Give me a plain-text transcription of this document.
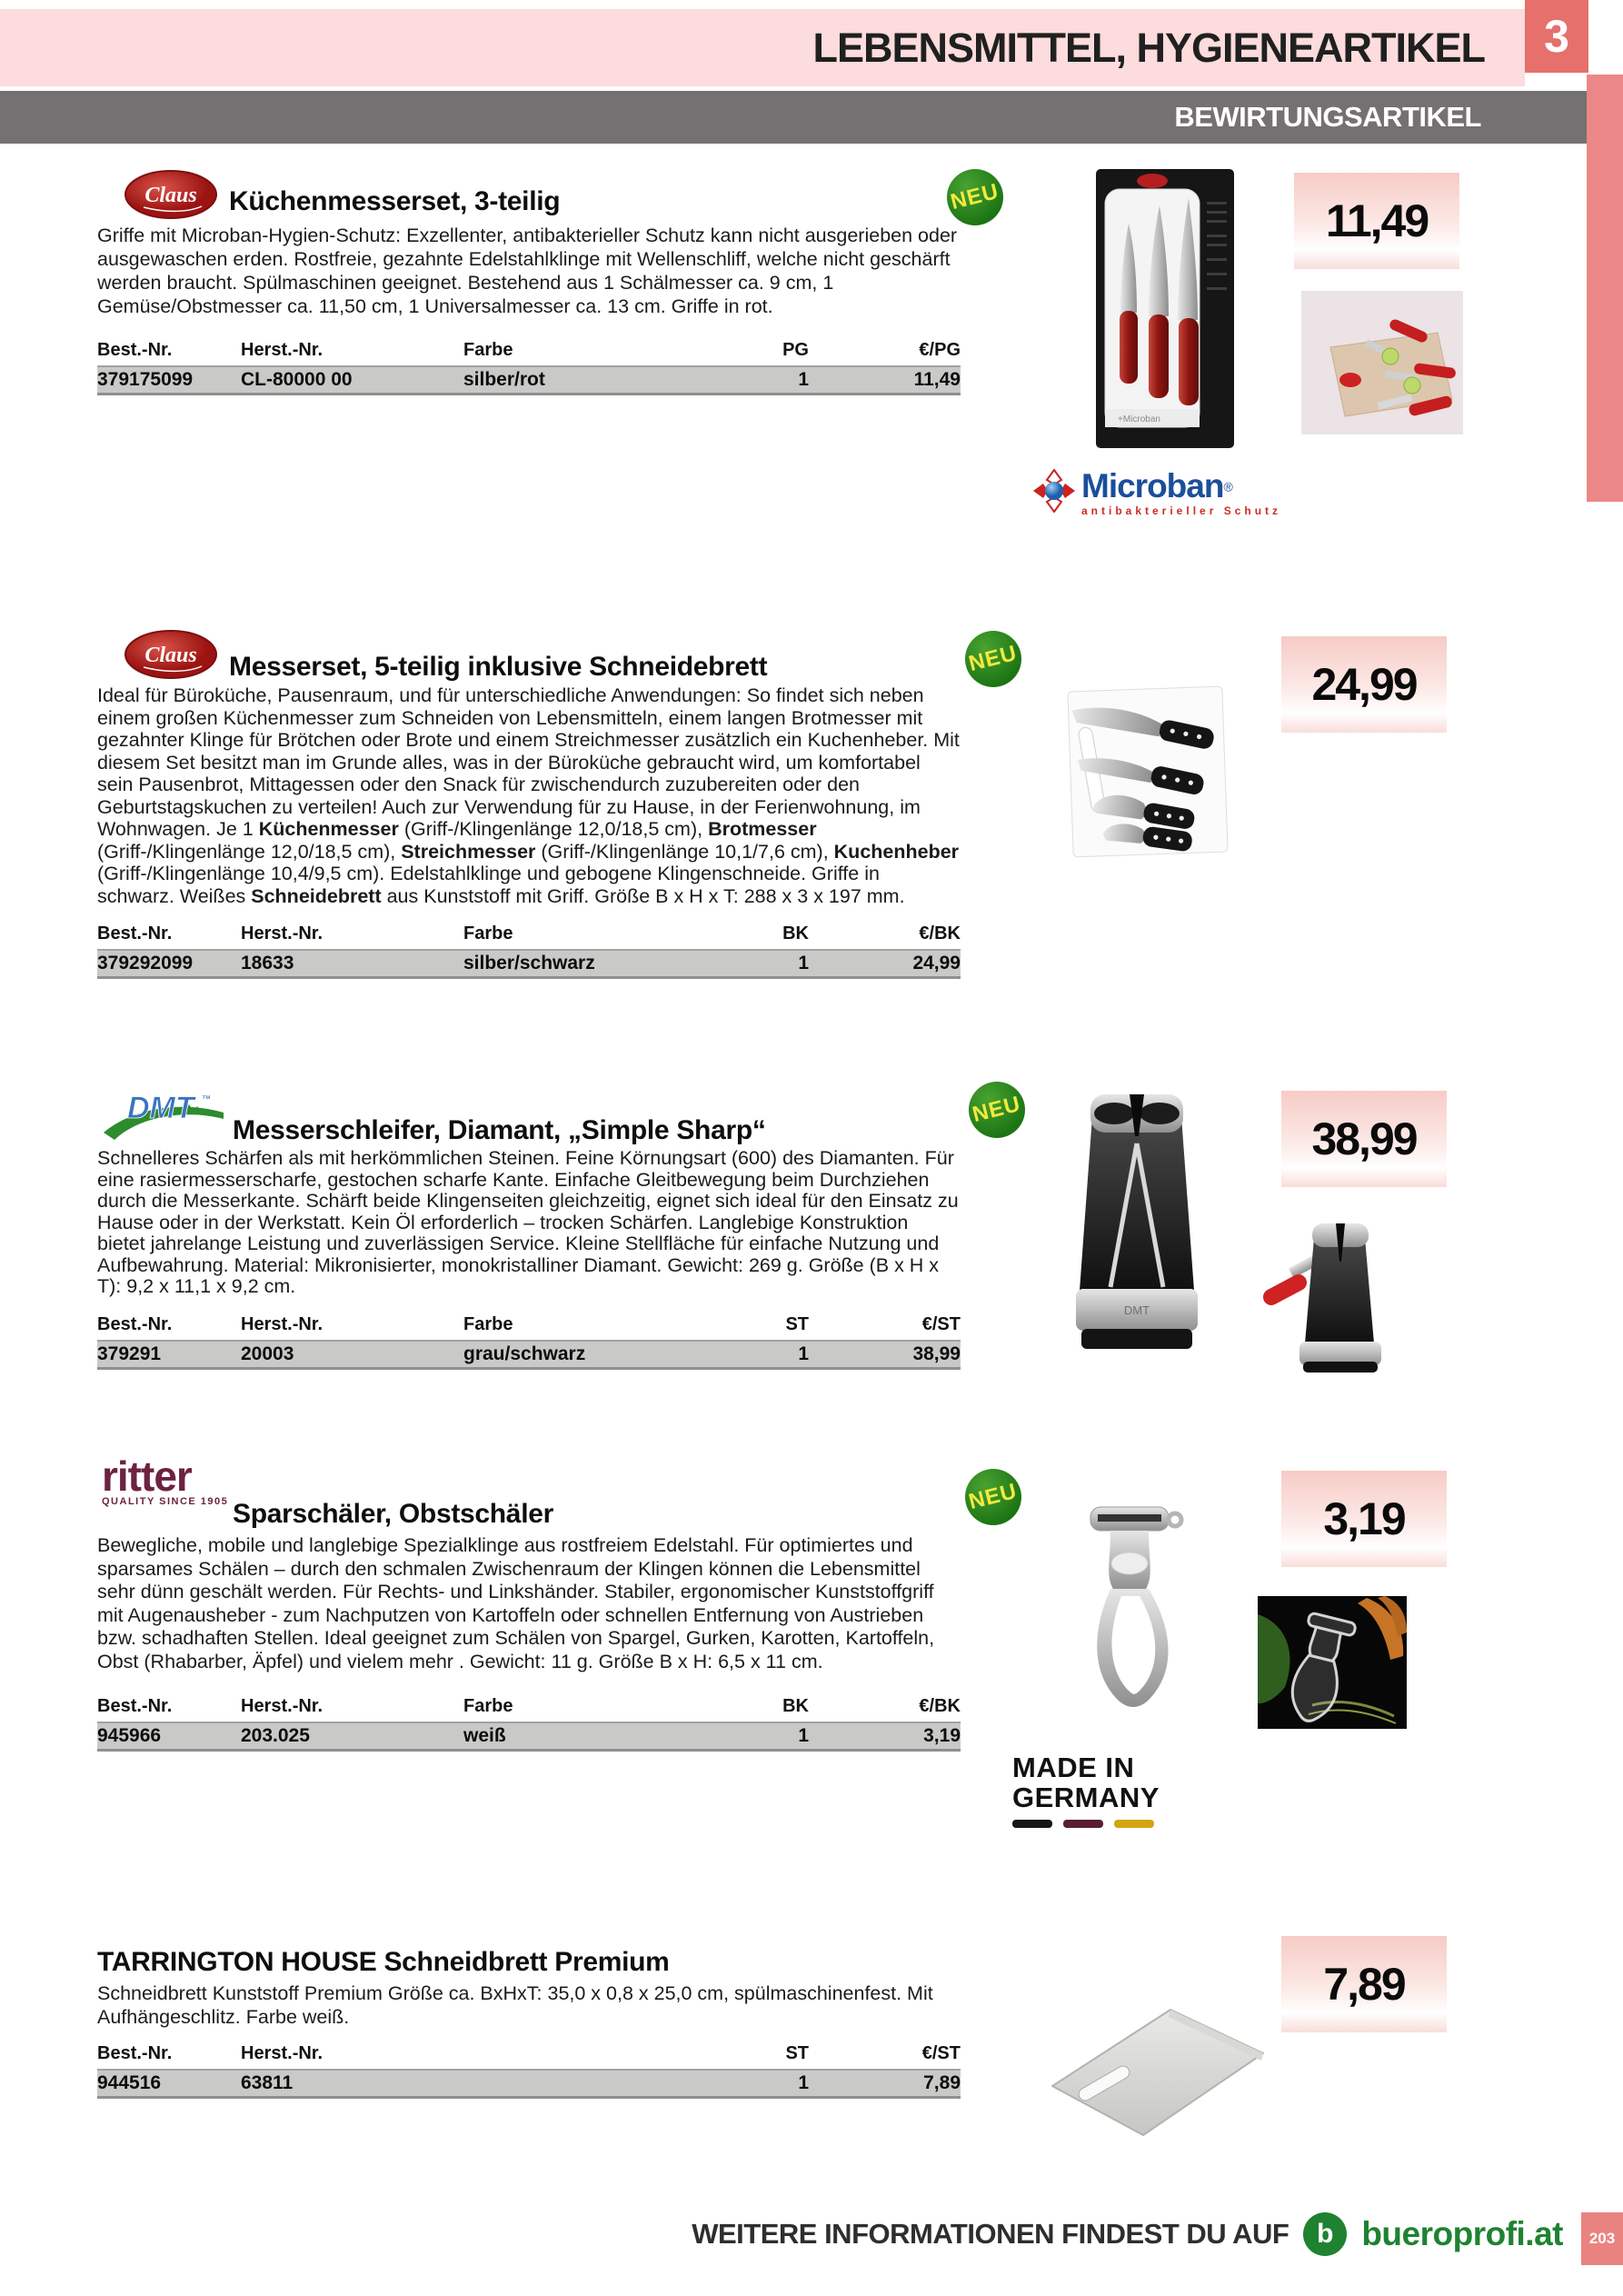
LEBENSMITTEL, HYGIENEARTIKEL 3
BEWIRTUNGSARTIKEL
Claus Küchenmesserset, 3-teilig
Griffe mit Microban-Hygien-Schutz: Exzellenter, antibakterieller Schutz kann nicht ausgerieben oder ausgewaschen erden. Rostfreie, gezahnte Edelstahlklinge mit Wellenschliff, welche nicht geschärft werden braucht. Spülmaschinen geeignet. Bestehend aus 1 Schälmesser ca. 9 cm, 1 Gemüse/Obstmesser ca. 11,50 cm, 1 Universalmesser ca. 13 cm. Griffe in rot.
Best.-Nr.	Herst.-Nr.	Farbe	PG	€/PG
379175099	CL-80000 00	silber/rot	1	11,49
NEU
+Microban
11,49
Microban®
antibakterieller Schutz
Claus Messerset, 5-teilig inklusive Schneidebrett
Ideal für Büroküche, Pausenraum, und für unterschiedliche Anwendungen: So findet sich neben einem großen Küchenmesser zum Schneiden von Lebensmitteln, einem langen Brotmesser mit gezahnter Klinge für Brötchen oder Brote und einem Streichmesser zusätzlich ein Kuchenheber. Mit diesem Set besitzt man im Grunde alles, was in der Büroküche gebraucht wird, um komfortabel sein Pausenbrot, Mittagessen oder den Snack für zwischendurch zuzubereiten oder den Geburtstagskuchen zu verteilen! Auch zur Verwendung für zu Hause, in der Ferienwohnung, im Wohnwagen. Je 1 Küchenmesser (Griff-/Klingenlänge 12,0/18,5 cm), Brotmesser (Griff-/Klingenlänge 12,0/18,5 cm), Streichmesser (Griff-/Klingenlänge 10,1/7,6 cm), Kuchenheber (Griff-/Klingenlänge 10,4/9,5 cm). Edelstahlklinge und gebogene Klingenschneide. Griffe in schwarz. Weißes Schneidebrett aus Kunststoff mit Griff. Größe B x H x T: 288 x 3 x 197 mm.
Best.-Nr.	Herst.-Nr.	Farbe	BK	€/BK
379292099	18633	silber/schwarz	1	24,99
NEU
24,99
DMT ™
Messerschleifer, Diamant, „Simple Sharp“
Schnelleres Schärfen als mit herkömmlichen Steinen. Feine Körnungsart (600) des Diamanten. Für eine rasiermesserscharfe, gestochen scharfe Kante. Einfache Gleitbewegung beim Durchziehen durch die Messerkante. Schärft beide Klingenseiten gleichzeitig, eignet sich ideal für den Einsatz zu Hause oder in der Werkstatt. Kein Öl erforderlich – trocken Schärfen. Langlebige Konstruktion bietet jahrelange Leistung und zuverlässigen Service. Kleine Stellfläche für einfache Nutzung und Aufbewahrung. Material: Mikronisierter, monokristalliner Diamant. Gewicht: 269 g. Größe (B x H x T): 9,2 x 11,1 x 9,2 cm.
Best.-Nr.	Herst.-Nr.	Farbe	ST	€/ST
379291	20003	grau/schwarz	1	38,99
NEU
DMT
38,99
ritter
QUALITY SINCE 1905 Sparschäler, Obstschäler
Bewegliche, mobile und langlebige Spezialklinge aus rostfreiem Edelstahl. Für optimiertes und sparsames Schälen – durch den schmalen Zwischenraum der Klingen können die Lebensmittel sehr dünn geschält werden. Für Rechts- und Linkshänder. Stabiler, ergonomischer Kunststoffgriff mit Augenausheber - zum Nachputzen von Kartoffeln oder schnellen Entfernung von Austrieben bzw. schadhaften Stellen. Ideal geeignet zum Schälen von Spargel, Gurken, Karotten, Kartoffeln, Obst (Rhabarber, Äpfel) und vielem mehr . Gewicht: 11 g. Größe B x H: 6,5 x 11 cm.
Best.-Nr.	Herst.-Nr.	Farbe	BK	€/BK
945966	203.025	weiß	1	3,19
NEU	3,19
MADE IN
GERMANY
TARRINGTON HOUSE Schneidbrett Premium
Schneidbrett Kunststoff Premium Größe ca. BxHxT: 35,0 x 0,8 x 25,0 cm, spülmaschinenfest. Mit Aufhängeschlitz. Farbe weiß.
Best.-Nr.	Herst.-Nr.	ST	€/ST
944516	63811	1	7,89
7,89
WEITERE INFORMATIONEN FINDEST DU AUF b bueroprofi.at 203
